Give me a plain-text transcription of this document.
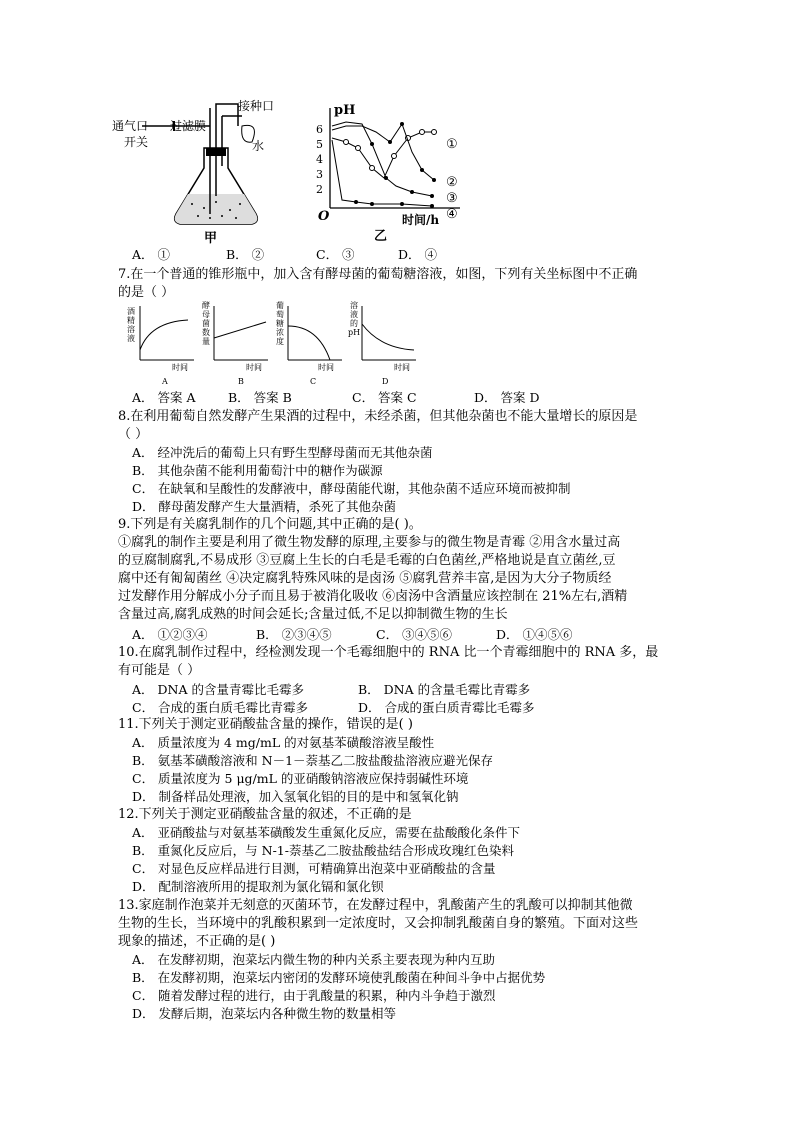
通气口 过滤膜
开关
接种口
水
甲
pH
O
6
5
4
3
2
①
②
③
④
时间/h
乙
A． ①	B． ②	C． ③	D． ④
7.在一个普通的锥形瓶中，加入含有酵母菌的葡萄糖溶液，如图，下列有关坐标图中不正确
的是（ ）
酒精溶液
时间
A
酵母菌数量
时间
B
葡萄糖浓度
时间
C
溶液的 pH
时间
D
A． 答案 A	B． 答案 B	C． 答案 C	D． 答案 D
8.在利用葡萄自然发酵产生果酒的过程中，未经杀菌，但其他杂菌也不能大量增长的原因是
（ ）
A． 经冲洗后的葡萄上只有野生型酵母菌而无其他杂菌
B． 其他杂菌不能利用葡萄汁中的糖作为碳源
C． 在缺氧和呈酸性的发酵液中，酵母菌能代谢，其他杂菌不适应环境而被抑制
D． 酵母菌发酵产生大量酒精，杀死了其他杂菌
9.下列是有关腐乳制作的几个问题,其中正确的是( )。
①腐乳的制作主要是利用了微生物发酵的原理,主要参与的微生物是青霉 ②用含水量过高
的豆腐制腐乳,不易成形 ③豆腐上生长的白毛是毛霉的白色菌丝,严格地说是直立菌丝,豆
腐中还有匍匐菌丝 ④决定腐乳特殊风味的是卤汤 ⑤腐乳营养丰富,是因为大分子物质经
过发酵作用分解成小分子而且易于被消化吸收 ⑥卤汤中含酒量应该控制在 21%左右,酒精
含量过高,腐乳成熟的时间会延长;含量过低,不足以抑制微生物的生长
A． ①②③④	B． ②③④⑤	C． ③④⑤⑥	D． ①④⑤⑥
10.在腐乳制作过程中，经检测发现一个毛霉细胞中的 RNA 比一个青霉细胞中的 RNA 多，最
有可能是（ ）
A． DNA 的含量青霉比毛霉多	B． DNA 的含量毛霉比青霉多
C． 合成的蛋白质毛霉比青霉多	D． 合成的蛋白质青霉比毛霉多
11.下列关于测定亚硝酸盐含量的操作，错误的是( )
A． 质量浓度为 4 mg/mL 的对氨基苯磺酸溶液呈酸性
B． 氨基苯磺酸溶液和 N－1－萘基乙二胺盐酸盐溶液应避光保存
C． 质量浓度为 5 μg/mL 的亚硝酸钠溶液应保持弱碱性环境
D． 制备样品处理液，加入氢氧化铝的目的是中和氢氧化钠
12.下列关于测定亚硝酸盐含量的叙述，不正确的是
A． 亚硝酸盐与对氨基苯磺酸发生重氮化反应，需要在盐酸酸化条件下
B． 重氮化反应后，与 N-1-萘基乙二胺盐酸盐结合形成玫瑰红色染料
C． 对显色反应样品进行目测，可精确算出泡菜中亚硝酸盐的含量
D． 配制溶液所用的提取剂为氯化镉和氯化钡
13.家庭制作泡菜并无刻意的灭菌环节，在发酵过程中，乳酸菌产生的乳酸可以抑制其他微
生物的生长，当环境中的乳酸积累到一定浓度时，又会抑制乳酸菌自身的繁殖。下面对这些
现象的描述，不正确的是( )
A． 在发酵初期，泡菜坛内微生物的种内关系主要表现为种内互助
B． 在发酵初期，泡菜坛内密闭的发酵环境使乳酸菌在种间斗争中占据优势
C． 随着发酵过程的进行，由于乳酸量的积累，种内斗争趋于激烈
D． 发酵后期，泡菜坛内各种微生物的数量相等
